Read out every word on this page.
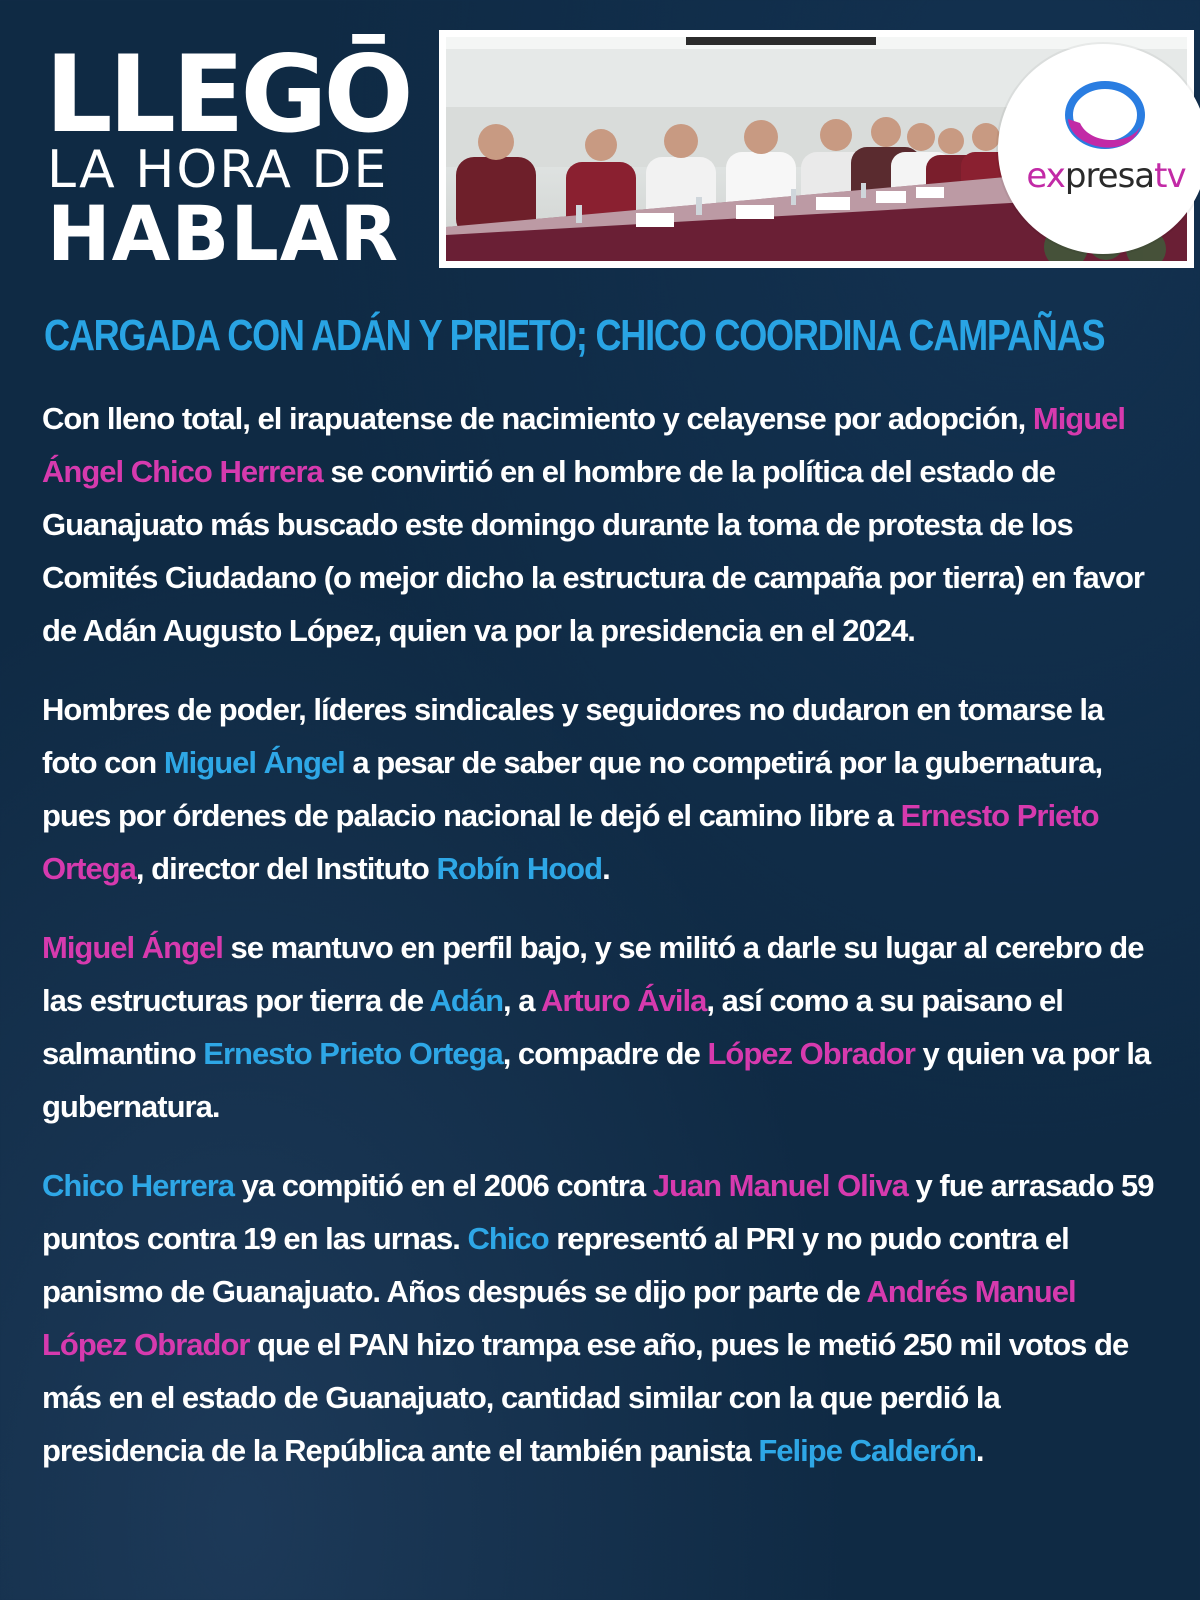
LLEGŌ
LA HORA DE
HABLAR
expresatv
CARGADA CON ADÁN Y PRIETO; CHICO COORDINA CAMPAÑAS

Con lleno total, el irapuatense de nacimiento y celayense por adopción, Miguel Ángel Chico Herrera se convirtió en el hombre de la política del estado de Guanajuato más buscado este domingo durante la toma de protesta de los Comités Ciudadano (o mejor dicho la estructura de campaña por tierra) en favor de Adán Augusto López, quien va por la presidencia en el 2024.

Hombres de poder, líderes sindicales y seguidores no dudaron en tomarse la foto con Miguel Ángel a pesar de saber que no competirá por la gubernatura, pues por órdenes de palacio nacional le dejó el camino libre a Ernesto Prieto Ortega, director del Instituto Robín Hood.

Miguel Ángel se mantuvo en perfil bajo, y se militó a darle su lugar al cerebro de las estructuras por tierra de Adán, a Arturo Ávila, así como a su paisano el salmantino Ernesto Prieto Ortega, compadre de López Obrador y quien va por la gubernatura.

Chico Herrera ya compitió en el 2006 contra Juan Manuel Oliva y fue arrasado 59 puntos contra 19 en las urnas. Chico representó al PRI y no pudo contra el panismo de Guanajuato. Años después se dijo por parte de Andrés Manuel López Obrador que el PAN hizo trampa ese año, pues le metió 250 mil votos de más en el estado de Guanajuato, cantidad similar con la que perdió la presidencia de la República ante el también panista Felipe Calderón.
